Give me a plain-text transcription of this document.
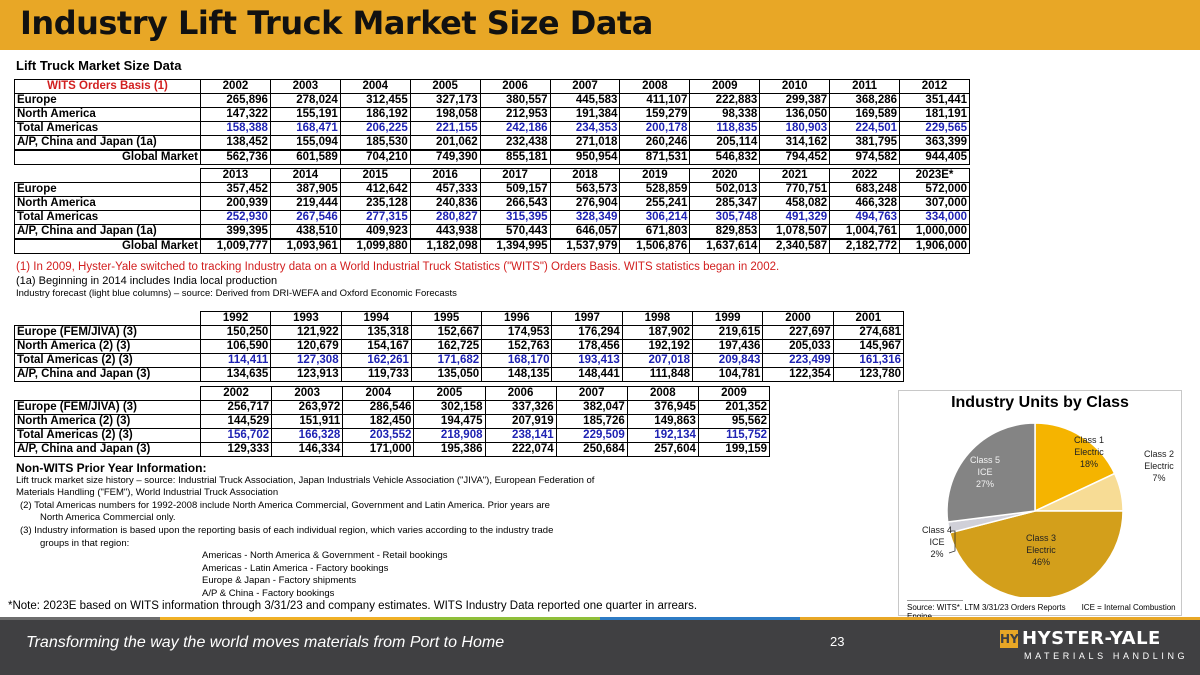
Industry Lift Truck Market Size Data
Lift Truck Market Size Data
WITS Orders Basis (1)	2002	2003	2004	2005	2006	2007	2008	2009	2010	2011	2012
Europe	265,896	278,024	312,455	327,173	380,557	445,583	411,107	222,883	299,387	368,286	351,441
North America	147,322	155,191	186,192	198,058	212,953	191,384	159,279	98,338	136,050	169,589	181,191
Total Americas	158,388	168,471	206,225	221,155	242,186	234,353	200,178	118,835	180,903	224,501	229,565
A/P, China and Japan (1a)	138,452	155,094	185,530	201,062	232,438	271,018	260,246	205,114	314,162	381,795	363,399
Global Market	562,736	601,589	704,210	749,390	855,181	950,954	871,531	546,832	794,452	974,582	944,405
	2013	2014	2015	2016	2017	2018	2019	2020	2021	2022	2023E*
Europe	357,452	387,905	412,642	457,333	509,157	563,573	528,859	502,013	770,751	683,248	572,000
North America	200,939	219,444	235,128	240,836	266,543	276,904	255,241	285,347	458,082	466,328	307,000
Total Americas	252,930	267,546	277,315	280,827	315,395	328,349	306,214	305,748	491,329	494,763	334,000
A/P, China and Japan (1a)	399,395	438,510	409,923	443,938	570,443	646,057	671,803	829,853	1,078,507	1,004,761	1,000,000
Global Market	1,009,777	1,093,961	1,099,880	1,182,098	1,394,995	1,537,979	1,506,876	1,637,614	2,340,587	2,182,772	1,906,000
(1) In 2009, Hyster-Yale switched to tracking Industry data on a World Industrial Truck Statistics ("WITS") Orders Basis. WITS statistics began in 2002.
(1a) Beginning in 2014 includes India local production
Industry forecast (light blue columns) – source: Derived from DRI-WEFA and Oxford Economic Forecasts
	1992	1993	1994	1995	1996	1997	1998	1999	2000	2001
Europe (FEM/JIVA) (3)	150,250	121,922	135,318	152,667	174,953	176,294	187,902	219,615	227,697	274,681
North America (2) (3)	106,590	120,679	154,167	162,725	152,763	178,456	192,192	197,436	205,033	145,967
Total Americas (2) (3)	114,411	127,308	162,261	171,682	168,170	193,413	207,018	209,843	223,499	161,316
A/P, China and Japan (3)	134,635	123,913	119,733	135,050	148,135	148,441	111,848	104,781	122,354	123,780
	2002	2003	2004	2005	2006	2007	2008	2009
Europe (FEM/JIVA) (3)	256,717	263,972	286,546	302,158	337,326	382,047	376,945	201,352
North America (2) (3)	144,529	151,911	182,450	194,475	207,919	185,726	149,863	95,562
Total Americas (2) (3)	156,702	166,328	203,552	218,908	238,141	229,509	192,134	115,752
A/P, China and Japan (3)	129,333	146,334	171,000	195,386	222,074	250,684	257,604	199,159
Non-WITS Prior Year Information:
Lift truck market size history – source: Industrial Truck Association, Japan Industrials Vehicle Association ("JIVA"), European Federation of
Materials Handling ("FEM"), World Industrial Truck Association
(2) Total Americas numbers for 1992-2008 include North America Commercial, Government and Latin America. Prior years are
North America Commercial only.
(3) Industry information is based upon the reporting basis of each individual region, which varies according to the industry trade
groups in that region:
Americas - North America & Government - Retail bookings
Americas - Latin America - Factory bookings
Europe & Japan - Factory shipments
A/P & China - Factory bookings
*Note: 2023E based on WITS information through 3/31/23 and company estimates. WITS Industry Data reported one quarter in arrears.
Industry Units by Class
Class 1
Electric
18%
Class 2
Electric
7%
Class 3
Electric
46%
Class 4
ICE
2%
Class 5
ICE
27%
Source: WITS*. LTM 3/31/23 Orders Reports ICE = Internal Combustion
Transforming the way the world moves materials from Port to Home	23	HY HYSTER-YALE
MATERIALS HANDLING
